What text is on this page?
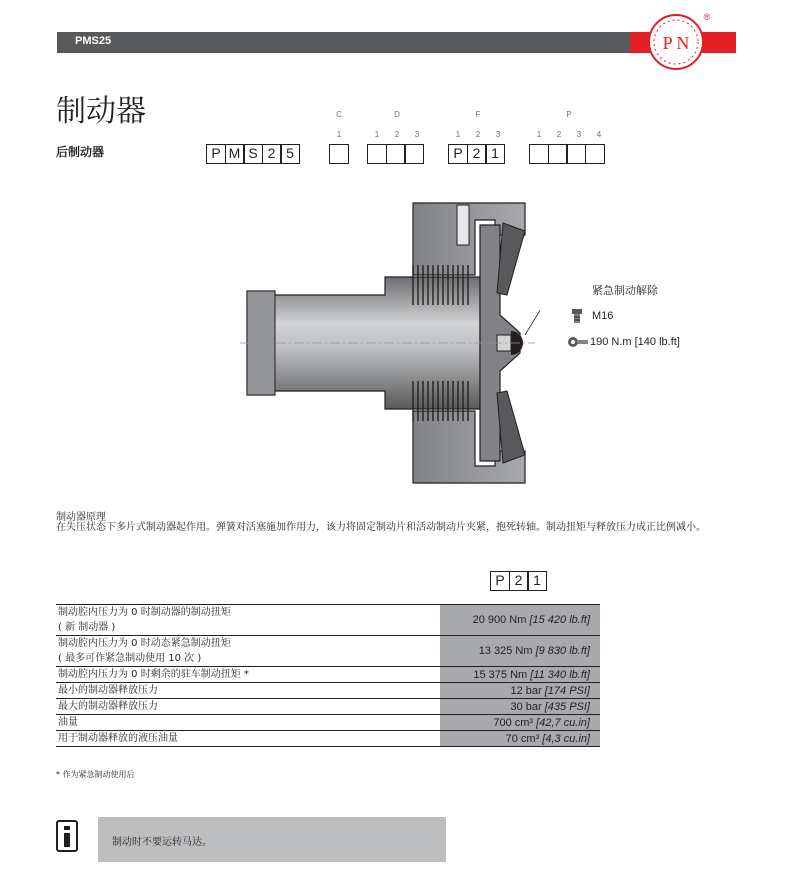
PMS25	P N
®
制动器
后制动器	P M S 2 5
C
1
D
1	2	3
F
1	2	3
P 2 1
P
1	2	3	4
紧急制动解除
M16
190 N.m [140 lb.ft]
制动器原理
在失压状态下多片式制动器起作用。弹簧对活塞施加作用力，该力将固定制动片和活动制动片夹紧，抱死转轴。制动扭矩与释放压力成正比例减小。
P 2 1
制动腔内压力为 0 时制动器的制动扭矩
( 新 制动器 )	20 900 Nm [15 420 lb.ft]

制动腔内压力为 0 时动态紧急制动扭矩
( 最多可作紧急制动使用 10 次 )	13 325 Nm [9 830 lb.ft]

制动腔内压力为 0 时剩余的驻车制动扭矩 *	15 375 Nm [11 340 lb.ft]

最小的制动器释放压力	12 bar [174 PSI]

最大的制动器释放压力	30 bar [435 PSI]

油量	700 cm³ [42,7 cu.in]

用于制动器释放的液压油量	70 cm³ [4,3 cu.in]
* 作为紧急制动使用后
制动时不要运转马达。
